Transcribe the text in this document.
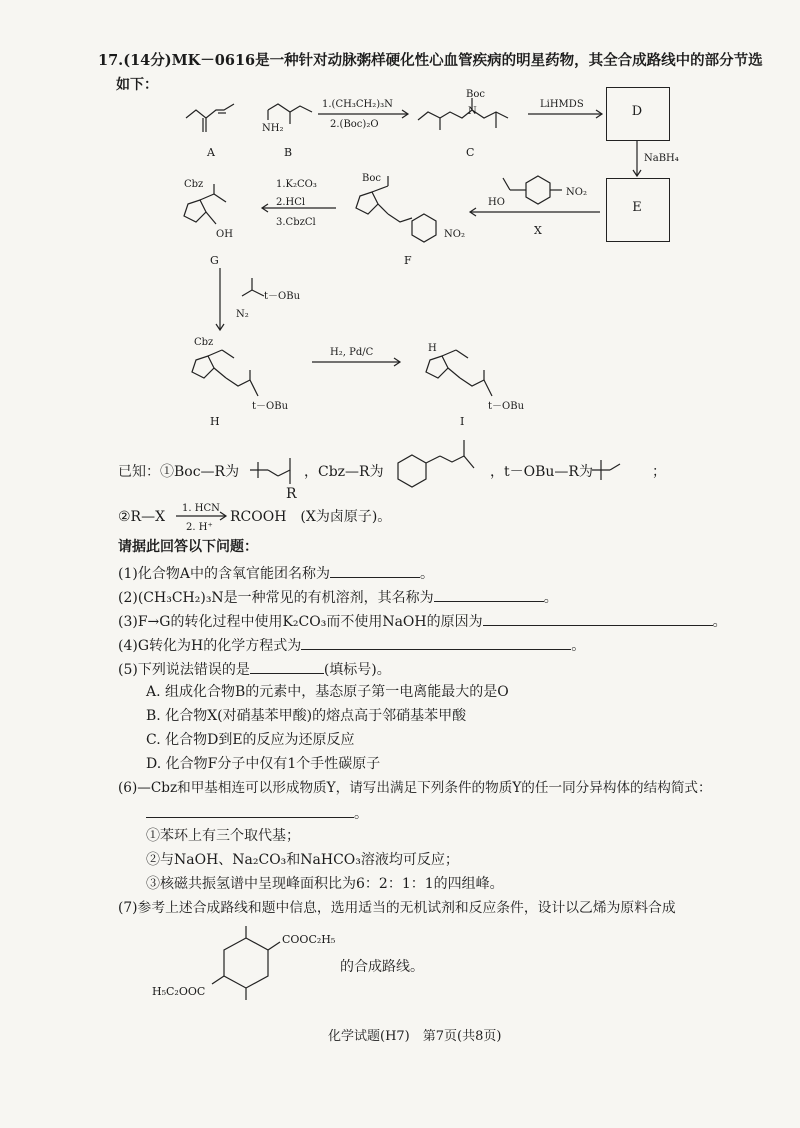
17.(14分)MK－0616是一种针对动脉粥样硬化性心血管疾病的明星药物，其全合成路线中的部分节选
如下：
D
E
A	B	C
F
G
H	I
X
1.(CH₃CH₂)₃N
2.(Boc)₂O
LiHMDS
NaBH₄
1.K₂CO₃
2.HCl
3.CbzCl
t－OBu
H₂, Pd/C
NH₂
N
Boc
Boc
NO₂
NO₂
HO
Cbz
OH
N₂
Cbz
t－OBu
H
t－OBu
已知：①Boc—R为
R
，Cbz—R为	，t－OBu—R为	；
②R—X
1. HCN
2. H⁺
RCOOH　(X为卤原子)。
请据此回答以下问题：
(1)化合物A中的含氧官能团名称为	。
(2)(CH₃CH₂)₃N是一种常见的有机溶剂，其名称为	。
(3)F→G的转化过程中使用K₂CO₃而不使用NaOH的原因为	。
(4)G转化为H的化学方程式为	。
(5)下列说法错误的是	(填标号)。
A. 组成化合物B的元素中，基态原子第一电离能最大的是O
B. 化合物X(对硝基苯甲酸)的熔点高于邻硝基苯甲酸
C. 化合物D到E的反应为还原反应
D. 化合物F分子中仅有1个手性碳原子
(6)—Cbz和甲基相连可以形成物质Y，请写出满足下列条件的物质Y的任一同分异构体的结构简式：
。
①苯环上有三个取代基；
②与NaOH、Na₂CO₃和NaHCO₃溶液均可反应；
③核磁共振氢谱中呈现峰面积比为6：2：1：1的四组峰。
(7)参考上述合成路线和题中信息，选用适当的无机试剂和反应条件，设计以乙烯为原料合成
COOC₂H₅
H₅C₂OOC
的合成路线。
化学试题(H7)　第7页(共8页)
